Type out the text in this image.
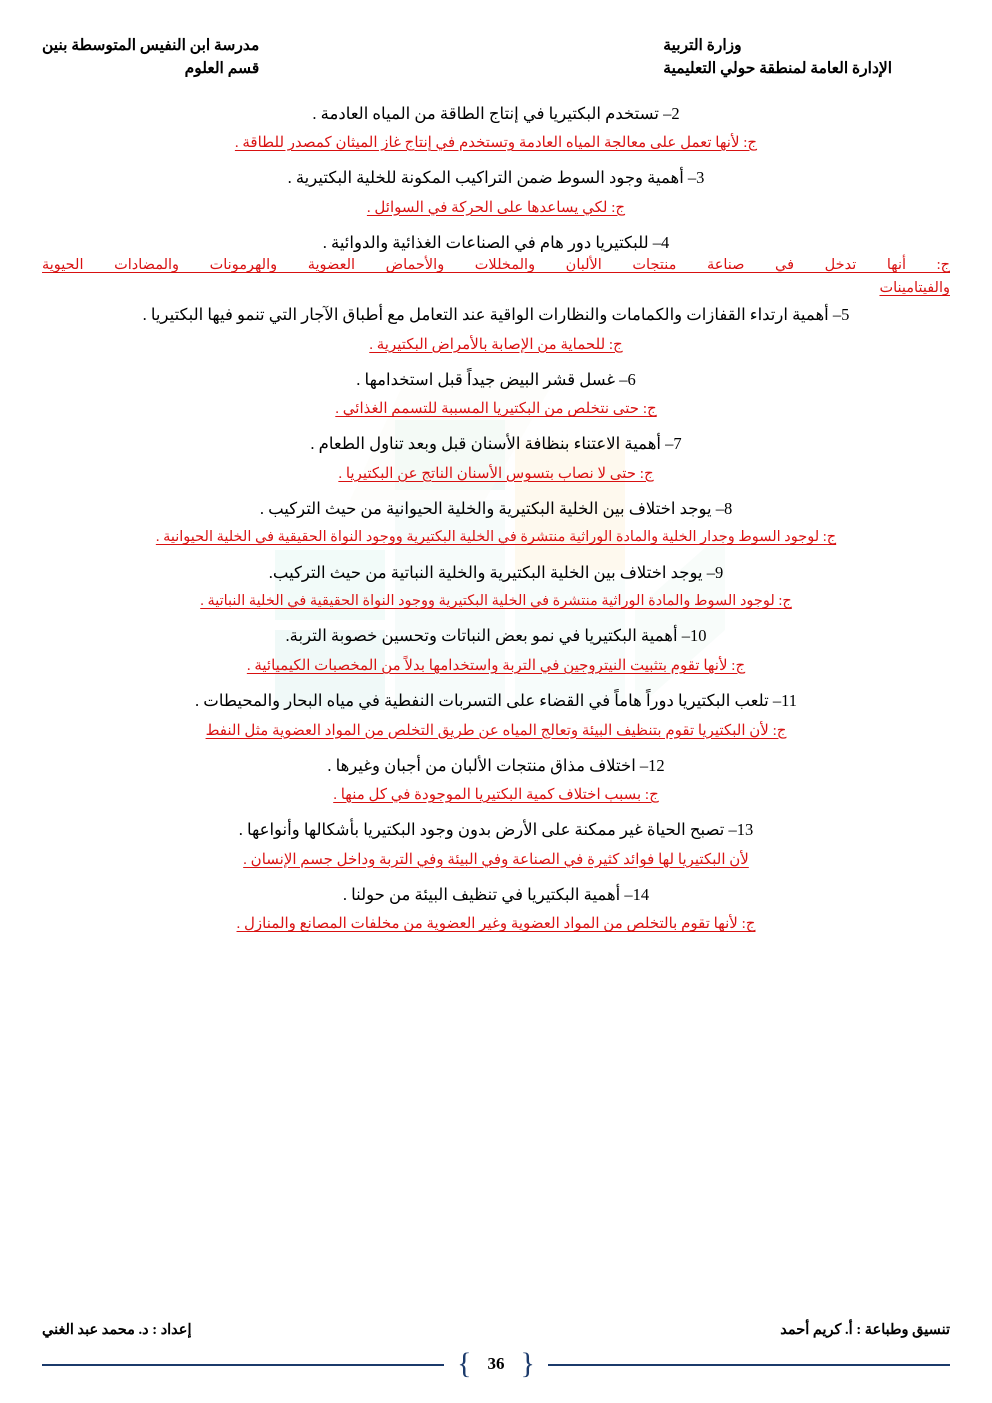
مدرسة ابن النفيس المتوسطة بنين
قسم العلوم
وزارة التربية
الإدارة العامة لمنطقة حولي التعليمية
2– تستخدم البكتيريا في إنتاج الطاقة من المياه العادمة .
ج: لأنها تعمل على معالجة المياه العادمة وتستخدم في إنتاج غاز الميثان كمصدر للطاقة .
3– أهمية وجود السوط ضمن التراكيب المكونة للخلية البكتيرية .
ج: لكي يساعدها على الحركة في السوائل .
4– للبكتيريا دور هام في الصناعات الغذائية والدوائية .
ج: أنها تدخل في صناعة منتجات الألبان والمخللات والأحماض العضوية والهرمونات والمضادات الحيوية
والفيتامينات
5– أهمية ارتداء القفازات والكمامات والنظارات الواقية عند التعامل مع أطباق الآجار التي تنمو فيها البكتيريا .
ج: للحماية من الإصابة بالأمراض البكتيرية .
6– غسل قشر البيض جيداً قبل استخدامها .
ج: حتى نتخلص من البكتيريا المسببة للتسمم الغذائي .
7– أهمية الاعتناء بنظافة الأسنان قبل وبعد تناول الطعام .
ج: حتى لا نصاب بتسوس الأسنان الناتج عن البكتيريا .
8– يوجد اختلاف بين الخلية البكتيرية والخلية الحيوانية من حيث التركيب .
ج: لوجود السوط وجدار الخلية والمادة الوراثية منتشرة في الخلية البكتيرية ووجود النواة الحقيقية في الخلية الحيوانية .
9– يوجد اختلاف بين الخلية البكتيرية والخلية النباتية من حيث التركيب.
ج: لوجود السوط والمادة الوراثية منتشرة في الخلية البكتيرية ووجود النواة الحقيقية في الخلية النباتية .
10– أهمية البكتيريا في نمو بعض النباتات وتحسين خصوبة التربة.
ج: لأنها تقوم بتثبيت النيتروجين في التربة واستخدامها بدلاً من المخصبات الكيميائية .
11– تلعب البكتيريا دوراً هاماً في القضاء على التسربات النفطية في مياه البحار والمحيطات .
ج: لأن البكتيريا تقوم بتنظيف البيئة وتعالج المياه عن طريق التخلص من المواد العضوية مثل النفط
12– اختلاف مذاق منتجات الألبان من أجبان وغيرها .
ج: بسبب اختلاف كمية البكتيريا الموجودة في كل منها .
13– تصبح الحياة غير ممكنة على الأرض بدون وجود البكتيريا بأشكالها وأنواعها .
لأن البكتيريا لها فوائد كثيرة في الصناعة وفي البيئة وفي التربة وداخل جسم الإنسان .
14– أهمية البكتيريا في تنظيف البيئة من حولنا .
ج: لأنها تقوم بالتخلص من المواد العضوية وغير العضوية من مخلفات المصانع والمنازل .
إعداد : د. محمد عبد الغني	تنسيق وطباعة : أ. كريم أحمد
{
36
}
